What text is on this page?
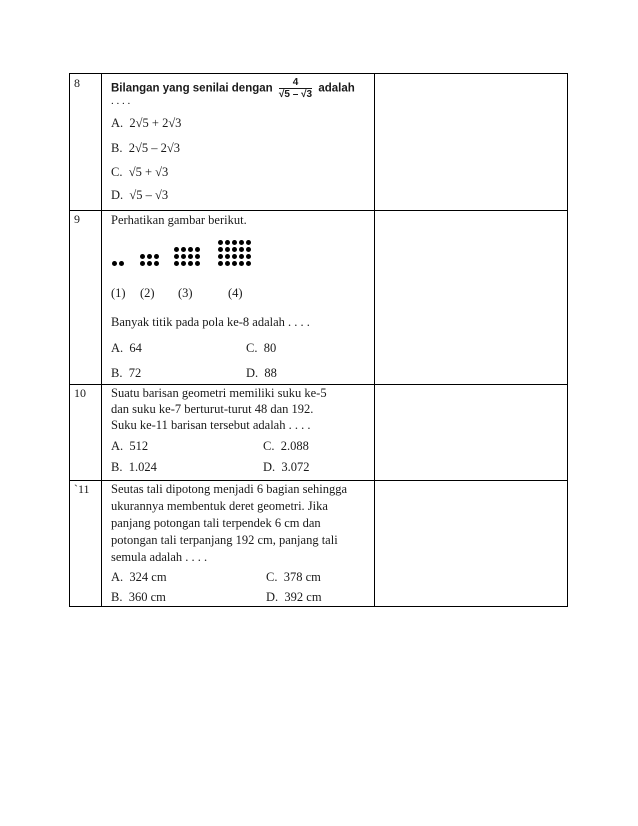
8	Bilangan yang senilai dengan $\frac{4}{√5 - √3}$ adalah
. . . .
A. 2√5 + 2√3
B. 2√5 – 2√3
C. √5 + √3
D. √5 – √3
9 Perhatikan gambar berikut.
(1) (2) (3)	(4)
Banyak titik pada pola ke-8 adalah . . . .
A. 64
B. 72
C. 80
D. 88
10 Suatu barisan geometri memiliki suku ke-5
dan suku ke-7 berturut-turut 48 dan 192.
Suku ke-11 barisan tersebut adalah . . . .
A. 512
B. 1.024
C. 2.088
D. 3.072
`11 Seutas tali dipotong menjadi 6 bagian sehingga
ukurannya membentuk deret geometri. Jika
panjang potongan tali terpendek 6 cm dan
potongan tali terpanjang 192 cm, panjang tali
semula adalah . . . .
A. 324 cm
B. 360 cm
C. 378 cm
D. 392 cm
